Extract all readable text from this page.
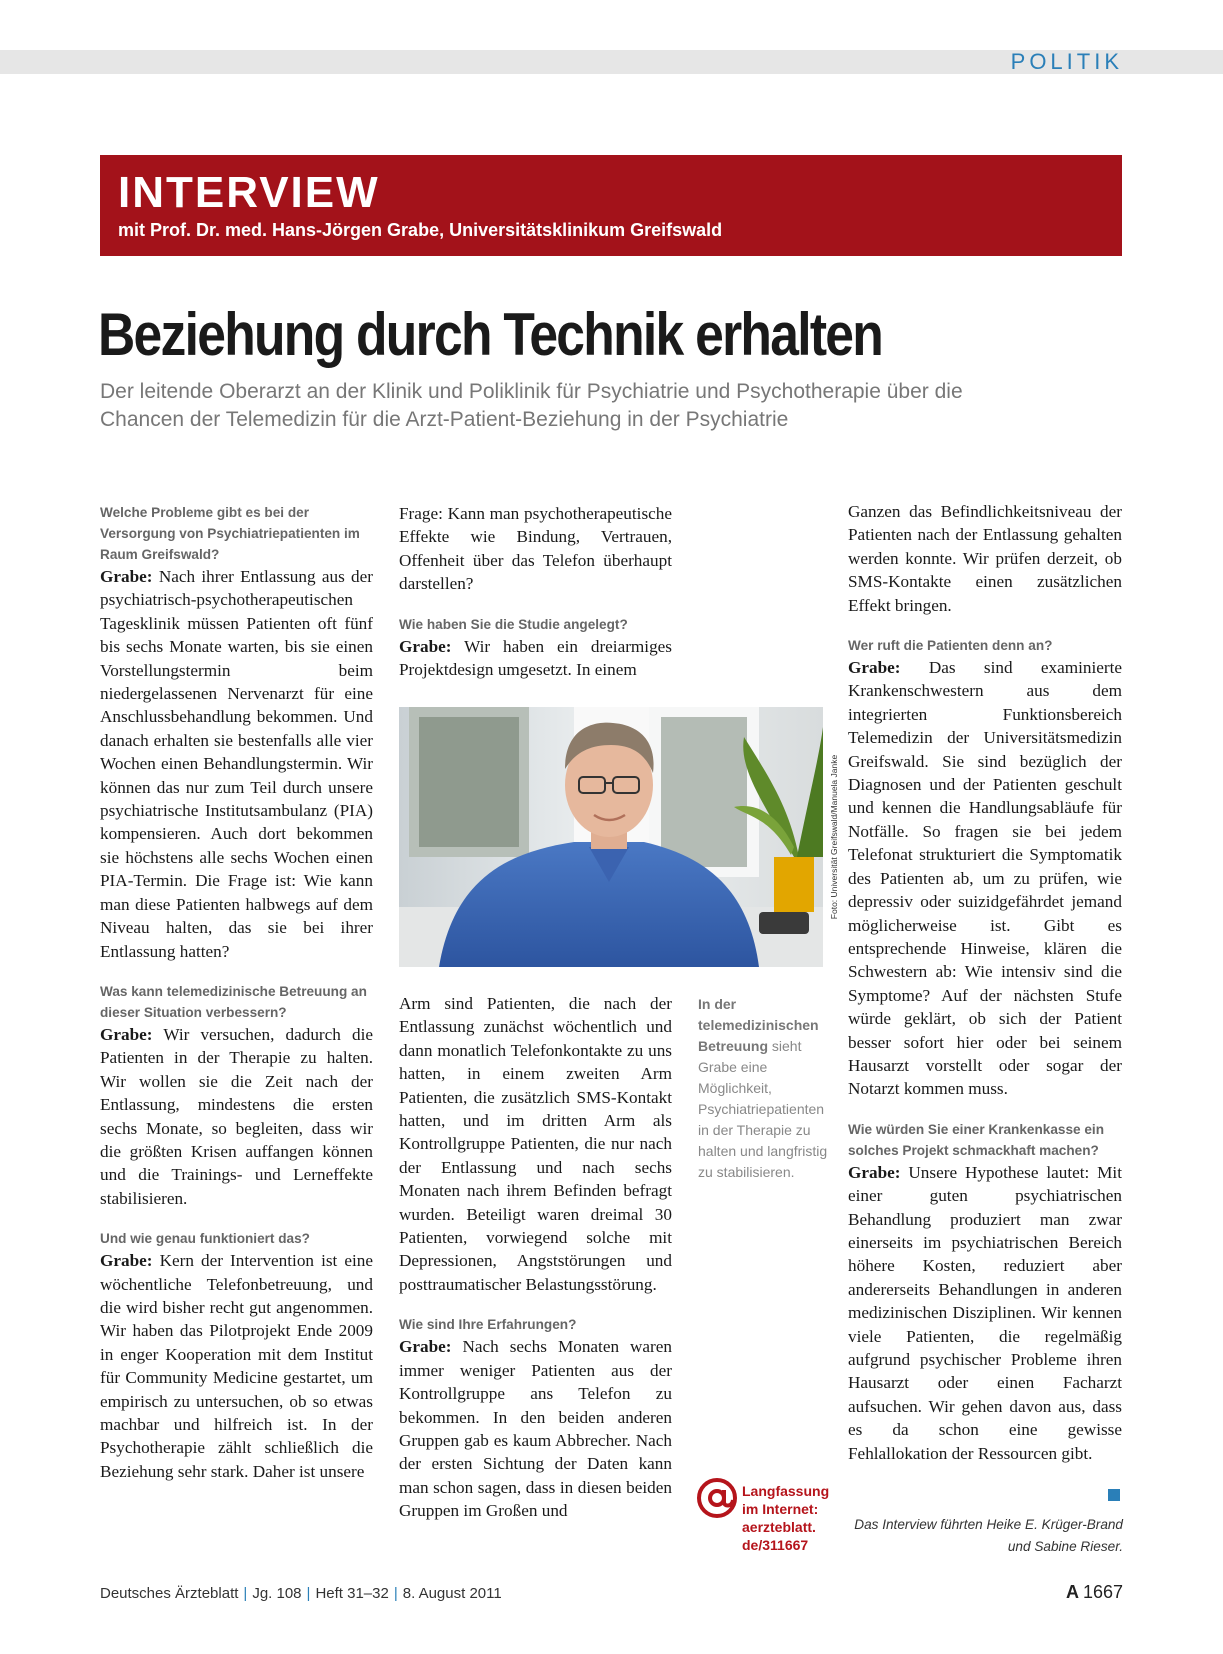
POLITIK
INTERVIEW
mit Prof. Dr. med. Hans-Jörgen Grabe, Universitätsklinikum Greifswald
Beziehung durch Technik erhalten
Der leitende Oberarzt an der Klinik und Poliklinik für Psychiatrie und Psychotherapie über die Chancen der Telemedizin für die Arzt-Patient-Beziehung in der Psychiatrie

Welche Probleme gibt es bei der Versorgung von Psychiatriepatienten im Raum Greifswald?

Grabe: Nach ihrer Entlassung aus der psychiatrisch-psychotherapeutischen Tagesklinik müssen Patienten oft fünf bis sechs Monate warten, bis sie einen Vorstellungstermin beim niedergelassenen Nervenarzt für eine Anschlussbehandlung bekommen. Und danach erhalten sie bestenfalls alle vier Wochen einen Behandlungstermin. Wir können das nur zum Teil durch unsere psychiatrische Institutsambulanz (PIA) kompensieren. Auch dort bekommen sie höchstens alle sechs Wochen einen PIA-Termin. Die Frage ist: Wie kann man diese Patienten halbwegs auf dem Niveau halten, das sie bei ihrer Entlassung hatten?

Was kann telemedizinische Betreuung an dieser Situation verbessern?

Grabe: Wir versuchen, dadurch die Patienten in der Therapie zu halten. Wir wollen sie die Zeit nach der Entlassung, mindestens die ersten sechs Monate, so begleiten, dass wir die größten Krisen auffangen können und die Trainings- und Lerneffekte stabilisieren.

Und wie genau funktioniert das?

Grabe: Kern der Intervention ist eine wöchentliche Telefonbetreuung, und die wird bisher recht gut angenommen. Wir haben das Pilotprojekt Ende 2009 in enger Kooperation mit dem Institut für Community Medicine gestartet, um empirisch zu untersuchen, ob so etwas machbar und hilfreich ist. In der Psychotherapie zählt schließlich die Beziehung sehr stark. Daher ist unsere

Frage: Kann man psychotherapeutische Effekte wie Bindung, Vertrauen, Offenheit über das Telefon überhaupt darstellen?

Wie haben Sie die Studie angelegt?

Grabe: Wir haben ein dreiarmiges Projektdesign umgesetzt. In einem

Foto: Universität Greifswald/Manuela Janke

Arm sind Patienten, die nach der Entlassung zunächst wöchentlich und dann monatlich Telefonkontakte zu uns hatten, in einem zweiten Arm Patienten, die zusätzlich SMS-Kontakt hatten, und im dritten Arm als Kontrollgruppe Patienten, die nur nach der Entlassung und nach sechs Monaten nach ihrem Befinden befragt wurden. Beteiligt waren dreimal 30 Patienten, vorwiegend solche mit Depressionen, Angststörungen und posttraumatischer Belastungsstörung.

Wie sind Ihre Erfahrungen?

Grabe: Nach sechs Monaten waren immer weniger Patienten aus der Kontrollgruppe ans Telefon zu bekommen. In den beiden anderen Gruppen gab es kaum Abbrecher. Nach der ersten Sichtung der Daten kann man schon sagen, dass in diesen beiden Gruppen im Großen und

In der telemedizinischen Betreuung sieht Grabe eine Möglichkeit, Psychiatriepatienten in der Therapie zu halten und langfristig zu stabilisieren.
Langfassung
im Internet:
aerzteblatt.
de/311667

Ganzen das Befindlichkeitsniveau der Patienten nach der Entlassung gehalten werden konnte. Wir prüfen derzeit, ob SMS-Kontakte einen zusätzlichen Effekt bringen.

Wer ruft die Patienten denn an?

Grabe: Das sind examinierte Krankenschwestern aus dem integrierten Funktionsbereich Telemedizin der Universitätsmedizin Greifswald. Sie sind bezüglich der Diagnosen und der Patienten geschult und kennen die Handlungsabläufe für Notfälle. So fragen sie bei jedem Telefonat strukturiert die Symptomatik des Patienten ab, um zu prüfen, wie depressiv oder suizidgefährdet jemand möglicherweise ist. Gibt es entsprechende Hinweise, klären die Schwestern ab: Wie intensiv sind die Symptome? Auf der nächsten Stufe würde geklärt, ob sich der Patient besser sofort hier oder bei seinem Hausarzt vorstellt oder sogar der Notarzt kommen muss.

Wie würden Sie einer Krankenkasse ein solches Projekt schmackhaft machen?

Grabe: Unsere Hypothese lautet: Mit einer guten psychiatrischen Behandlung produziert man zwar einerseits im psychiatrischen Bereich höhere Kosten, reduziert aber andererseits Behandlungen in anderen medizinischen Disziplinen. Wir kennen viele Patienten, die regelmäßig aufgrund psychischer Probleme ihren Hausarzt oder einen Facharzt aufsuchen. Wir gehen davon aus, dass es da schon eine gewisse Fehlallokation der Ressourcen gibt.

Das Interview führten Heike E. Krüger-Brand
und Sabine Rieser.
Deutsches Ärzteblatt | Jg. 108 | Heft 31–32 | 8. August 2011	A 1667
